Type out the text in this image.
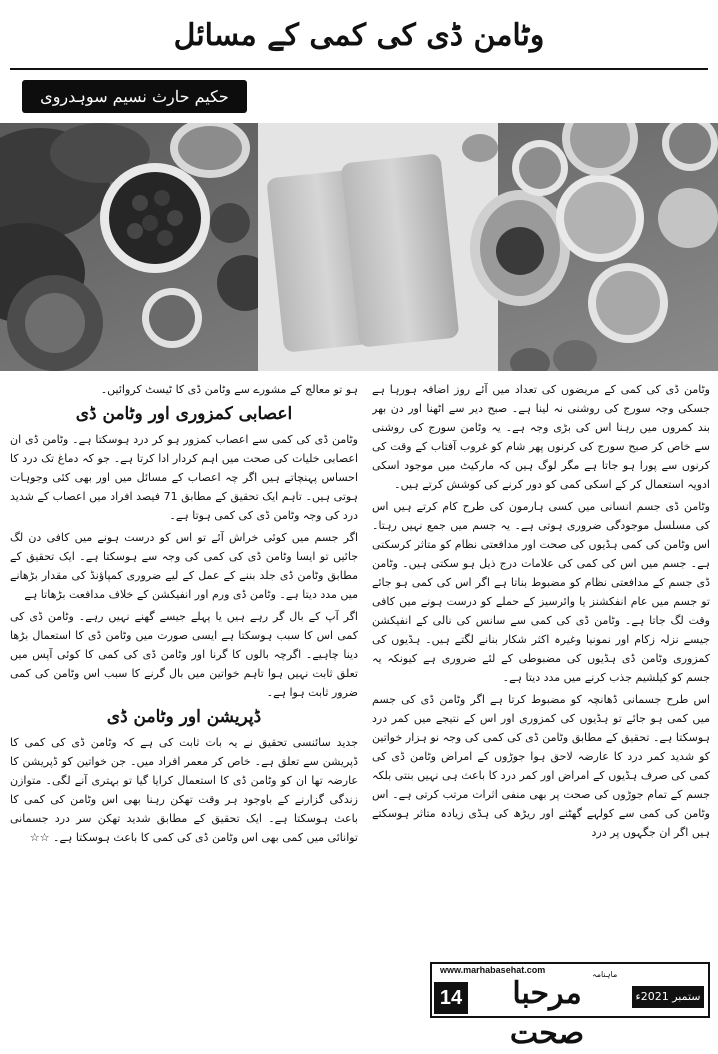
وٹامن ڈی کی کمی کے مسائل
حکیم حارث نسیم سوہدروی

وٹامن ڈی کی کمی کے مریضوں کی تعداد میں آئے روز اضافہ ہورہا ہے جسکی وجہ سورج کی روشنی نہ لینا ہے۔ صبح دیر سے اٹھنا اور دن بھر بند کمروں میں رہنا اس کی بڑی وجہ ہے۔ یہ وٹامن سورج کی روشنی سے خاص کر صبح سورج کی کرنوں پھر شام کو غروب آفتاب کے وقت کی کرنوں سے پورا ہو جاتا ہے مگر لوگ ہیں کہ مارکیٹ میں موجود اسکی ادویہ استعمال کر کے اسکی کمی کو دور کرنے کی کوشش کرتے ہیں۔

وٹامن ڈی جسم انسانی میں کسی ہارمون کی طرح کام کرتے ہیں اس کی مسلسل موجودگی ضروری ہوتی ہے۔ یہ جسم میں جمع نہیں رہتا۔ اس وٹامن کی کمی ہڈیوں کی صحت اور مدافعتی نظام کو متاثر کرسکتی ہے۔ جسم میں اس کی کمی کی علامات درج ذیل ہو سکتی ہیں۔ وٹامن ڈی جسم کے مدافعتی نظام کو مضبوط بناتا ہے اگر اس کی کمی ہو جائے تو جسم میں عام انفکشنز یا وائرسیز کے حملے کو درست ہونے میں کافی وقت لگ جاتا ہے۔ وٹامن ڈی کی کمی سے سانس کی نالی کے انفیکشن جیسے نزلہ زکام اور نمونیا وغیرہ اکثر شکار بنانے لگتے ہیں۔ ہڈیوں کی کمزوری وٹامن ڈی ہڈیوں کی مضبوطی کے لئے ضروری ہے کیونکہ یہ جسم کو کیلشیم جذب کرنے میں مدد دیتا ہے۔

اس طرح جسمانی ڈھانچہ کو مضبوط کرتا ہے اگر وٹامن ڈی کی جسم میں کمی ہو جائے تو ہڈیوں کی کمزوری اور اس کے نتیجے میں کمر درد ہوسکتا ہے۔ تحقیق کے مطابق وٹامن ڈی کی کمی کی وجہ نو ہزار خواتین کو شدید کمر درد کا عارضہ لاحق ہوا جوڑوں کے امراض وٹامن ڈی کی کمی کی صرف ہڈیوں کے امراض اور کمر درد کا باعث ہی نہیں بنتی بلکہ جسم کے تمام جوڑوں کی صحت پر بھی منفی اثرات مرتب کرتی ہے۔ اس وٹامن کی کمی سے کولہے گھٹنے اور ریڑھ کی ہڈی زیادہ متاثر ہوسکتے ہیں اگر ان جگہوں پر درد

ہو تو معالج کے مشورے سے وٹامن ڈی کا ٹیسٹ کروائیں۔

اعصابی کمزوری اور وٹامن ڈی

وٹامن ڈی کی کمی سے اعصاب کمزور ہو کر درد ہوسکتا ہے۔ وٹامن ڈی ان اعصابی خلیات کی صحت میں اہم کردار ادا کرتا ہے۔ جو کہ دماغ تک درد کا احساس پہنچاتے ہیں اگر چہ اعصاب کے مسائل میں اور بھی کئی وجوہات ہوتی ہیں۔ تاہم ایک تحقیق کے مطابق 71 فیصد افراد میں اعصاب کے شدید درد کی وجہ وٹامن ڈی کی کمی ہوتا ہے۔

اگر جسم میں کوئی خراش آئے تو اس کو درست ہونے میں کافی دن لگ جائیں تو ایسا وٹامن ڈی کی کمی کی وجہ سے ہوسکتا ہے۔ ایک تحقیق کے مطابق وٹامن ڈی جلد بننے کے عمل کے لیے ضروری کمپاؤنڈ کی مقدار بڑھانے میں مدد دیتا ہے۔ وٹامن ڈی ورم اور انفیکشن کے خلاف مدافعت بڑھاتا ہے

اگر آپ کے بال گر رہے ہیں یا پہلے جیسے گھنے نہیں رہے۔ وٹامن ڈی کی کمی اس کا سبب ہوسکتا ہے ایسی صورت میں وٹامن ڈی کا استعمال بڑھا دینا چاہیے۔ اگرچہ بالوں کا گرنا اور وٹامن ڈی کی کمی کا کوئی آپس میں تعلق ثابت نہیں ہوا تاہم خواتین میں بال گرنے کا سبب اس وٹامن کی کمی ضرور ثابت ہوا ہے۔

ڈپریشن اور وٹامن ڈی

جدید سائنسی تحقیق نے یہ بات ثابت کی ہے کہ وٹامن ڈی کی کمی کا ڈپریشن سے تعلق ہے۔ خاص کر معمر افراد میں۔ جن خواتین کو ڈپریشن کا عارضہ تھا ان کو وٹامن ڈی کا استعمال کرایا گیا تو بہتری آنے لگی۔ متوازن زندگی گزارنے کے باوجود ہر وقت تھکن رہنا بھی اس وٹامن کی کمی کا باعث ہوسکتا ہے۔ ایک تحقیق کے مطابق شدید تھکن سر درد جسمانی توانائی میں کمی بھی اس وٹامن ڈی کی کمی کا باعث ہوسکتا ہے۔ ☆☆

www.marhabasehat.com
14
ماہنامہ
مرحبا صحت
ستمبر 2021ء
